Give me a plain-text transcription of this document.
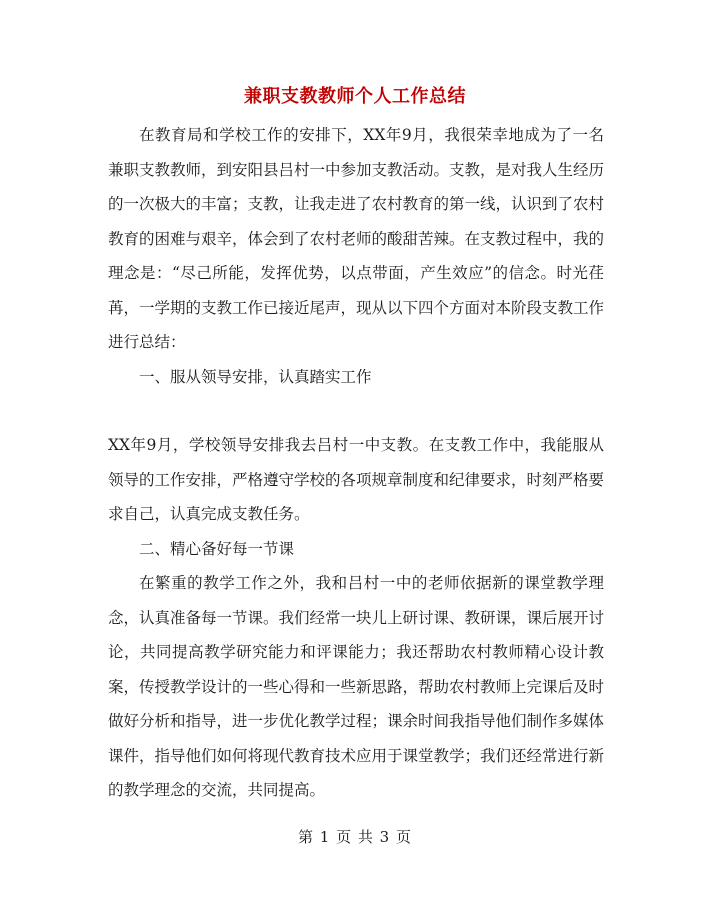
兼职支教教师个人工作总结

在教育局和学校工作的安排下，XX年9月，我很荣幸地成为了一名兼职支教教师，到安阳县吕村一中参加支教活动。支教，是对我人生经历的一次极大的丰富；支教，让我走进了农村教育的第一线，认识到了农村教育的困难与艰辛，体会到了农村老师的酸甜苦辣。在支教过程中，我的理念是：“尽己所能，发挥优势，以点带面，产生效应”的信念。时光荏苒，一学期的支教工作已接近尾声，现从以下四个方面对本阶段支教工作进行总结：

一、服从领导安排，认真踏实工作

XX年9月，学校领导安排我去吕村一中支教。在支教工作中，我能服从领导的工作安排，严格遵守学校的各项规章制度和纪律要求，时刻严格要求自己，认真完成支教任务。

二、精心备好每一节课

在繁重的教学工作之外，我和吕村一中的老师依据新的课堂教学理念，认真准备每一节课。我们经常一块儿上研讨课、教研课，课后展开讨论，共同提高教学研究能力和评课能力；我还帮助农村教师精心设计教案，传授教学设计的一些心得和一些新思路，帮助农村教师上完课后及时做好分析和指导，进一步优化教学过程；课余时间我指导他们制作多媒体课件，指导他们如何将现代教育技术应用于课堂教学；我们还经常进行新的教学理念的交流，共同提高。

第 1 页 共 3 页
